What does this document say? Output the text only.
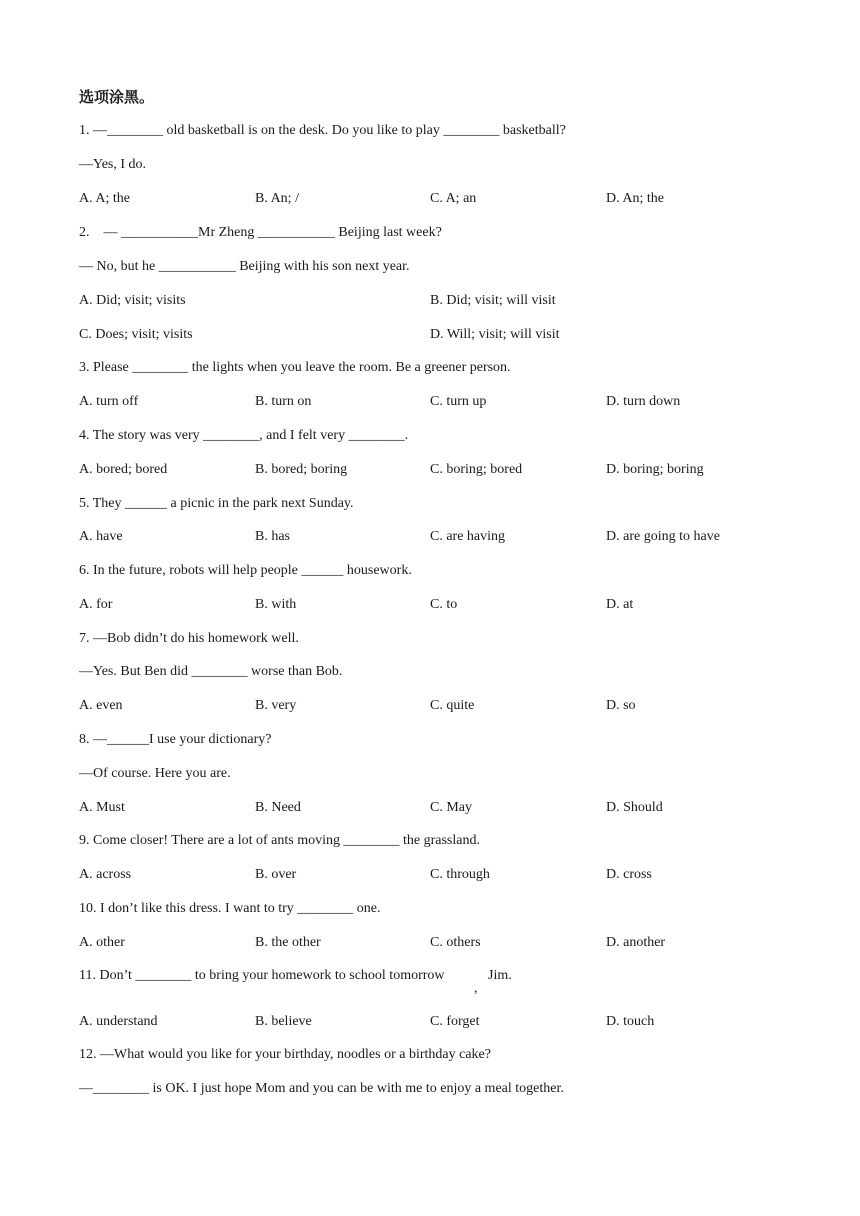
选项涂黑。
1. —________ old basketball is on the desk. Do you like to play ________ basketball?
—Yes, I do.
A. A; the	B. An; /	C. A; an	D. An; the
2.    — ___________Mr Zheng ___________ Beijing last week?
— No, but he ___________ Beijing with his son next year.
A. Did; visit; visits	B. Did; visit; will visit
C. Does; visit; visits	D. Will; visit; will visit
3. Please ________ the lights when you leave the room. Be a greener person.
A. turn off	B. turn on	C. turn up	D. turn down
4. The story was very ________, and I felt very ________.
A. bored; bored	B. bored; boring	C. boring; bored	D. boring; boring
5. They ______ a picnic in the park next Sunday.
A. have	B. has	C. are having	D. are going to have
6. In the future, robots will help people ______ housework.
A. for	B. with	C. to	D. at
7. —Bob didn’t do his homework well.
—Yes. But Ben did ________ worse than Bob.
A. even	B. very	C. quite	D. so
8. —______I use your dictionary?
—Of course. Here you are.
A. Must	B. Need	C. May	D. Should
9. Come closer! There are a lot of ants moving ________ the grassland.
A. across	B. over	C. through	D. cross
10. I don’t like this dress. I want to try ________ one.
A. other	B. the other	C. others	D. another
11. Don’t ________ to bring your homework to school tomorrow
,
Jim.
A. understand	B. believe	C. forget	D. touch
12. —What would you like for your birthday, noodles or a birthday cake?
—________ is OK. I just hope Mom and you can be with me to enjoy a meal together.
